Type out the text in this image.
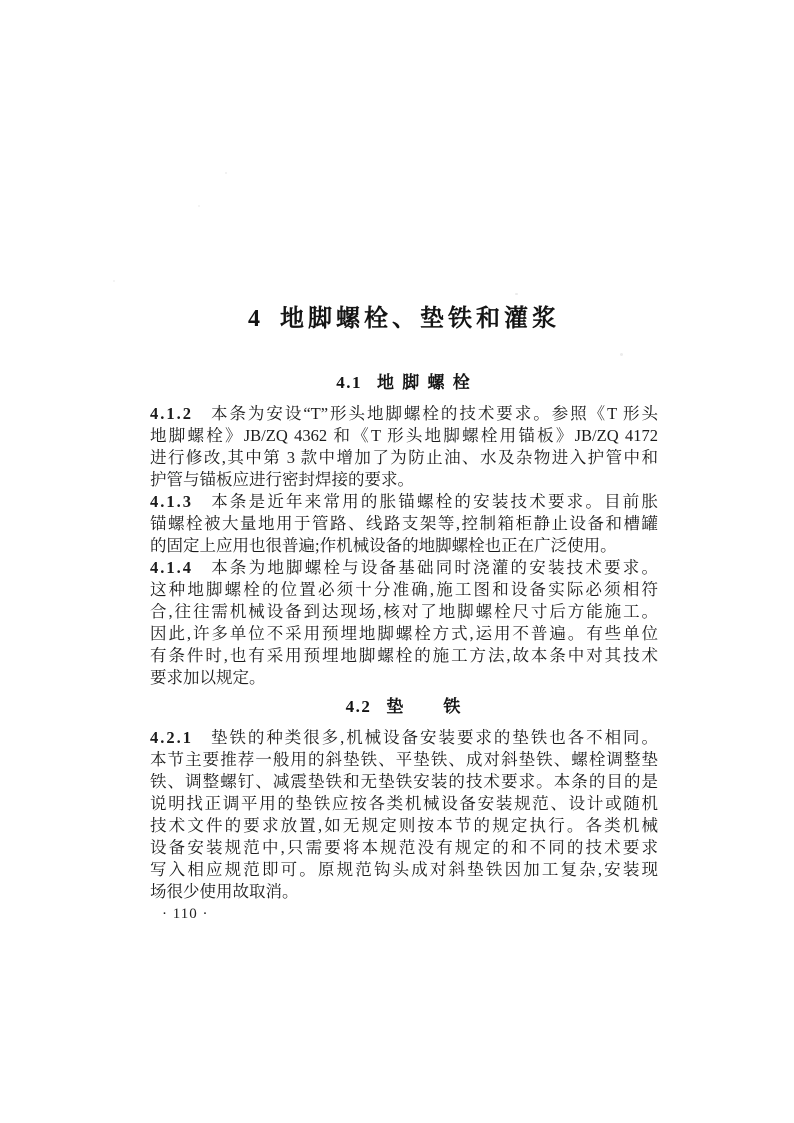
4 地脚螺栓、垫铁和灌浆
4.1 地 脚 螺 栓
4.1.2 本条为安设“T”形头地脚螺栓的技术要求。参照《T 形头
地脚螺栓》JB/ZQ 4362 和《T 形头地脚螺栓用锚板》JB/ZQ 4172
进行修改,其中第 3 款中增加了为防止油、水及杂物进入护管中和
护管与锚板应进行密封焊接的要求。
4.1.3 本条是近年来常用的胀锚螺栓的安装技术要求。目前胀
锚螺栓被大量地用于管路、线路支架等,控制箱柜静止设备和槽罐
的固定上应用也很普遍;作机械设备的地脚螺栓也正在广泛使用。
4.1.4 本条为地脚螺栓与设备基础同时浇灌的安装技术要求。
这种地脚螺栓的位置必须十分准确,施工图和设备实际必须相符
合,往往需机械设备到达现场,核对了地脚螺栓尺寸后方能施工。
因此,许多单位不采用预埋地脚螺栓方式,运用不普遍。有些单位
有条件时,也有采用预埋地脚螺栓的施工方法,故本条中对其技术
要求加以规定。
4.2 垫　　铁
4.2.1 垫铁的种类很多,机械设备安装要求的垫铁也各不相同。
本节主要推荐一般用的斜垫铁、平垫铁、成对斜垫铁、螺栓调整垫
铁、调整螺钉、减震垫铁和无垫铁安装的技术要求。本条的目的是
说明找正调平用的垫铁应按各类机械设备安装规范、设计或随机
技术文件的要求放置,如无规定则按本节的规定执行。各类机械
设备安装规范中,只需要将本规范没有规定的和不同的技术要求
写入相应规范即可。原规范钩头成对斜垫铁因加工复杂,安装现
场很少使用故取消。
· 110 ·
